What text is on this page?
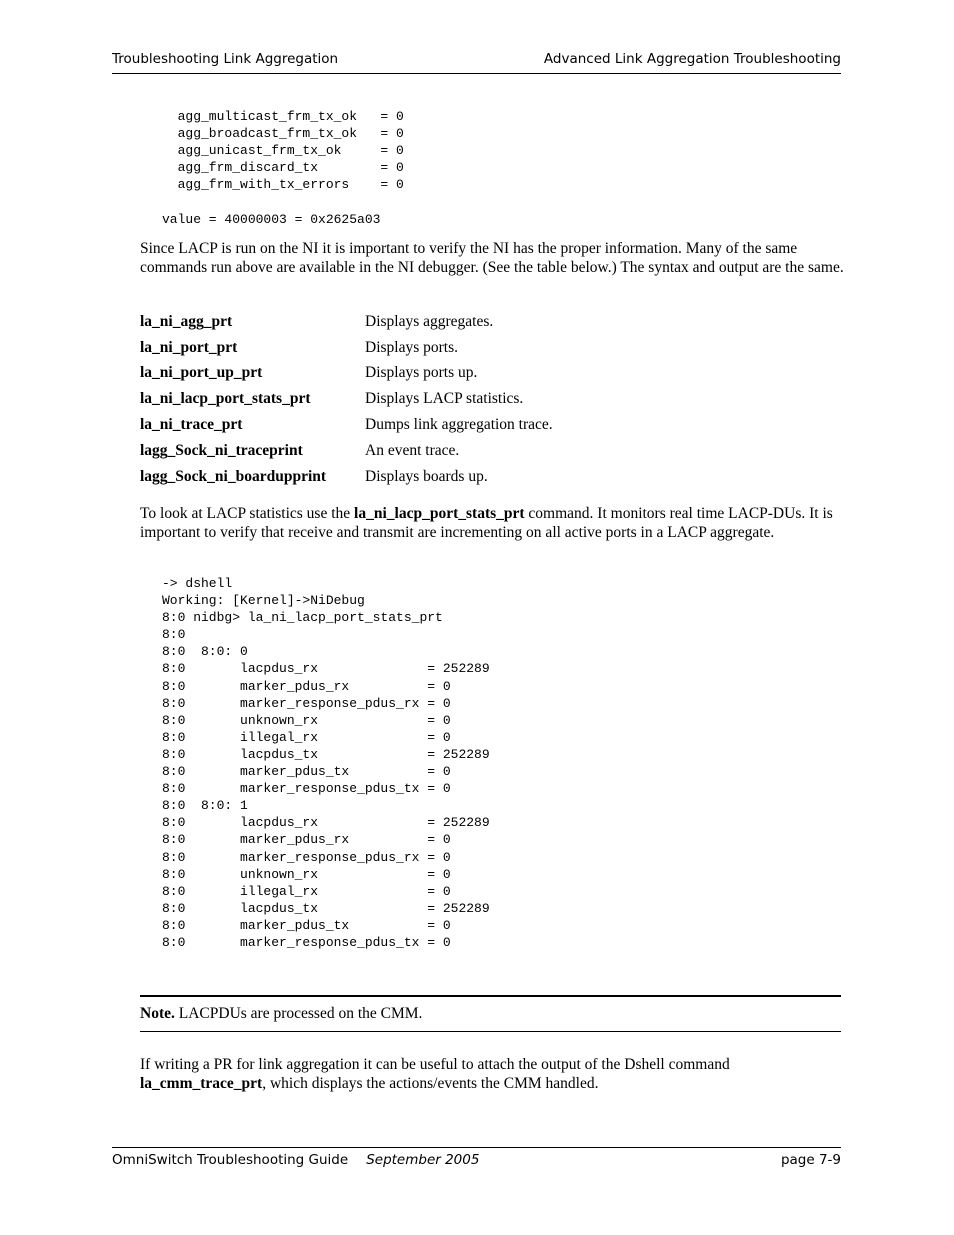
Troubleshooting Link Aggregation	Advanced Link Aggregation Troubleshooting
agg_multicast_frm_tx_ok   = 0
agg_broadcast_frm_tx_ok   = 0
agg_unicast_frm_tx_ok     = 0
agg_frm_discard_tx        = 0
agg_frm_with_tx_errors    = 0

value = 40000003 = 0x2625a03

Since LACP is run on the NI it is important to verify the NI has the proper information. Many of the same commands run above are available in the NI debugger. (See the table below.) The syntax and output are the same.

la_ni_agg_prt	Displays aggregates.
la_ni_port_prt	Displays ports.
la_ni_port_up_prt	Displays ports up.
la_ni_lacp_port_stats_prt	Displays LACP statistics.
la_ni_trace_prt	Dumps link aggregation trace.
lagg_Sock_ni_traceprint	An event trace.
lagg_Sock_ni_boardupprint	Displays boards up.

To look at LACP statistics use the la_ni_lacp_port_stats_prt command. It monitors real time LACP-DUs. It is important to verify that receive and transmit are incrementing on all active ports in a LACP aggregate.

-> dshell
Working: [Kernel]->NiDebug
8:0 nidbg> la_ni_lacp_port_stats_prt
8:0
8:0  8:0: 0
8:0       lacpdus_rx              = 252289
8:0       marker_pdus_rx          = 0
8:0       marker_response_pdus_rx = 0
8:0       unknown_rx              = 0
8:0       illegal_rx              = 0
8:0       lacpdus_tx              = 252289
8:0       marker_pdus_tx          = 0
8:0       marker_response_pdus_tx = 0
8:0  8:0: 1
8:0       lacpdus_rx              = 252289
8:0       marker_pdus_rx          = 0
8:0       marker_response_pdus_rx = 0
8:0       unknown_rx              = 0
8:0       illegal_rx              = 0
8:0       lacpdus_tx              = 252289
8:0       marker_pdus_tx          = 0
8:0       marker_response_pdus_tx = 0

Note. LACPDUs are processed on the CMM.

If writing a PR for link aggregation it can be useful to attach the output of the Dshell command la_cmm_trace_prt, which displays the actions/events the CMM handled.

OmniSwitch Troubleshooting Guide September 2005	page 7-9
